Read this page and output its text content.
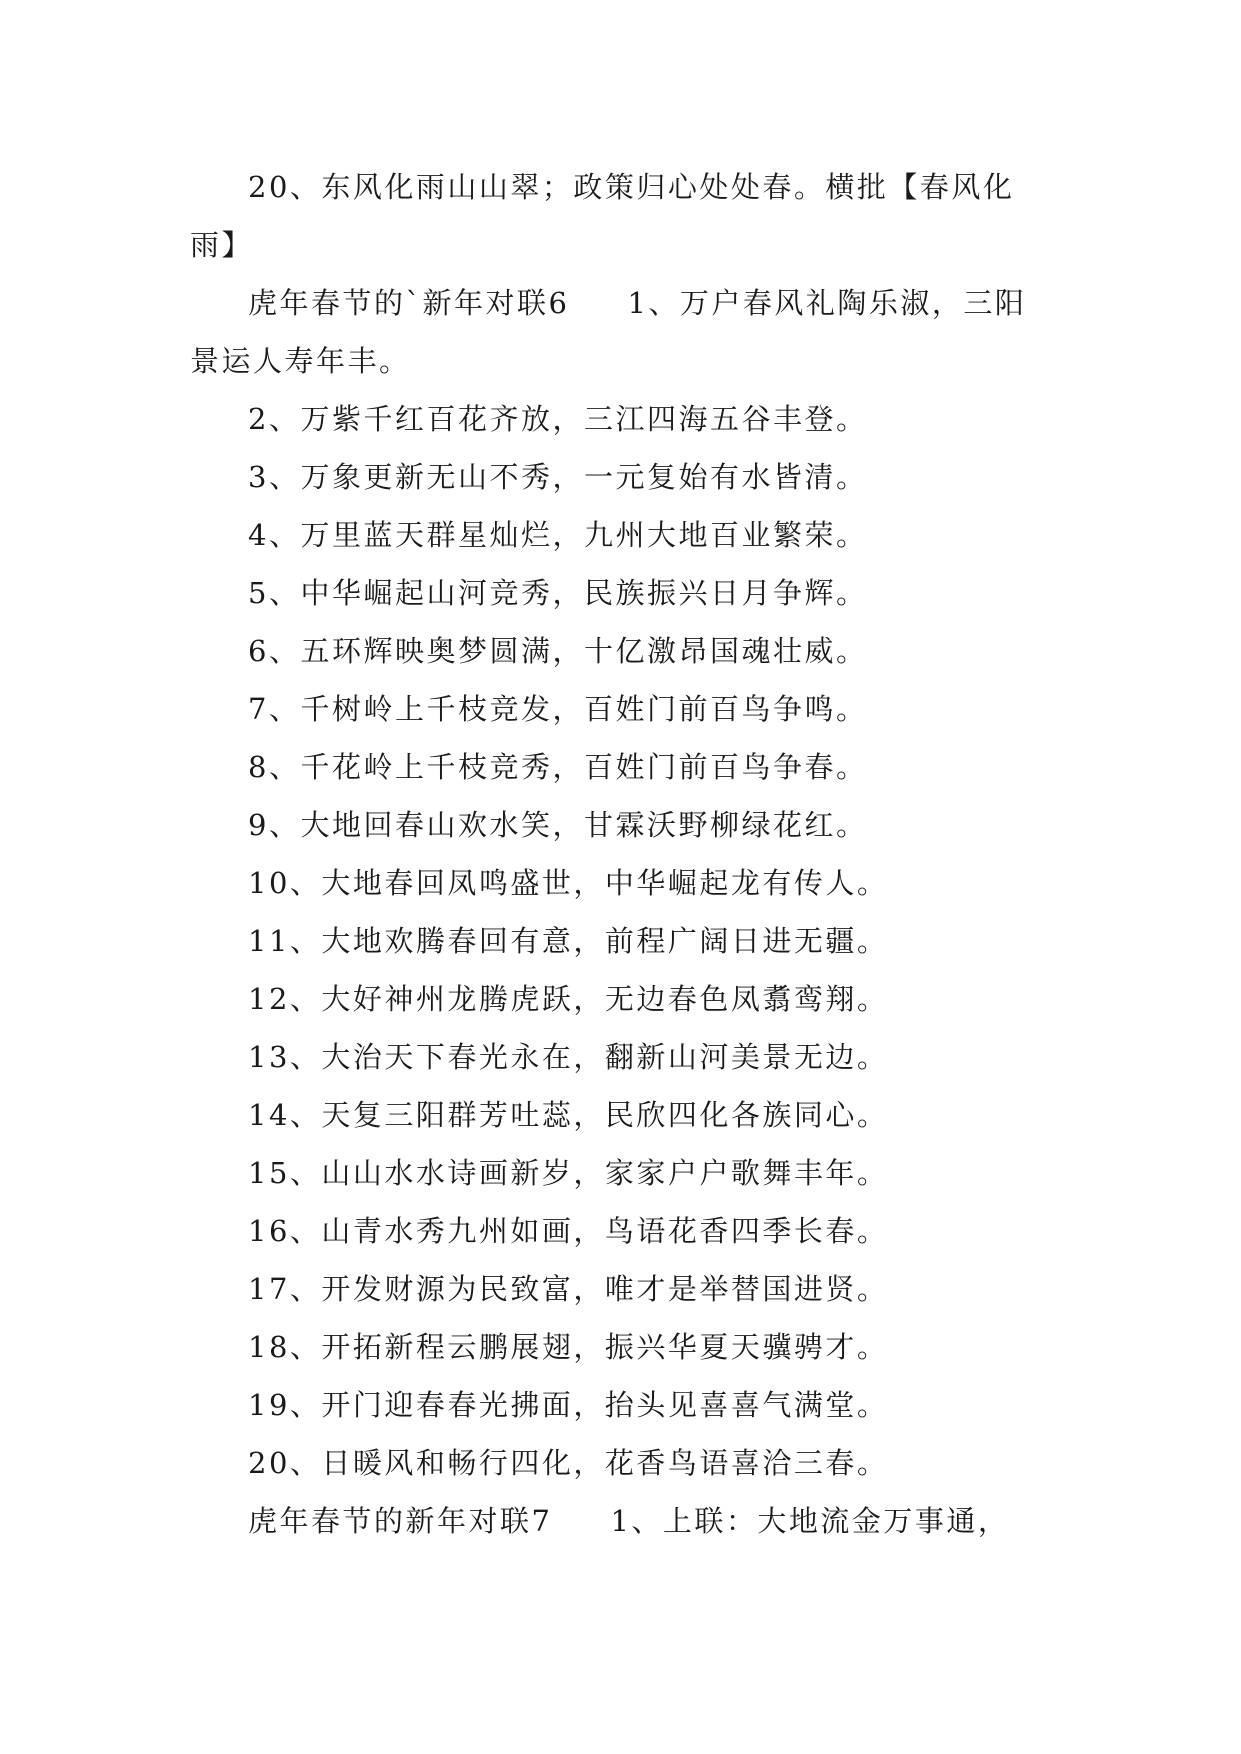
20、东风化雨山山翠；政策归心处处春。横批【春风化雨】

虎年春节的`新年对联6 1、万户春风礼陶乐淑，三阳景运人寿年丰。

2、万紫千红百花齐放，三江四海五谷丰登。

3、万象更新无山不秀，一元复始有水皆清。

4、万里蓝天群星灿烂，九州大地百业繁荣。

5、中华崛起山河竞秀，民族振兴日月争辉。

6、五环辉映奥梦圆满，十亿激昂国魂壮威。

7、千树岭上千枝竞发，百姓门前百鸟争鸣。

8、千花岭上千枝竞秀，百姓门前百鸟争春。

9、大地回春山欢水笑，甘霖沃野柳绿花红。

10、大地春回凤鸣盛世，中华崛起龙有传人。

11、大地欢腾春回有意，前程广阔日进无疆。

12、大好神州龙腾虎跃，无边春色凤翥鸾翔。

13、大治天下春光永在，翻新山河美景无边。

14、天复三阳群芳吐蕊，民欣四化各族同心。

15、山山水水诗画新岁，家家户户歌舞丰年。

16、山青水秀九州如画，鸟语花香四季长春。

17、开发财源为民致富，唯才是举替国进贤。

18、开拓新程云鹏展翅，振兴华夏天骥骋才。

19、开门迎春春光拂面，抬头见喜喜气满堂。

20、日暖风和畅行四化，花香鸟语喜洽三春。

虎年春节的新年对联7 1、上联：大地流金万事通，
